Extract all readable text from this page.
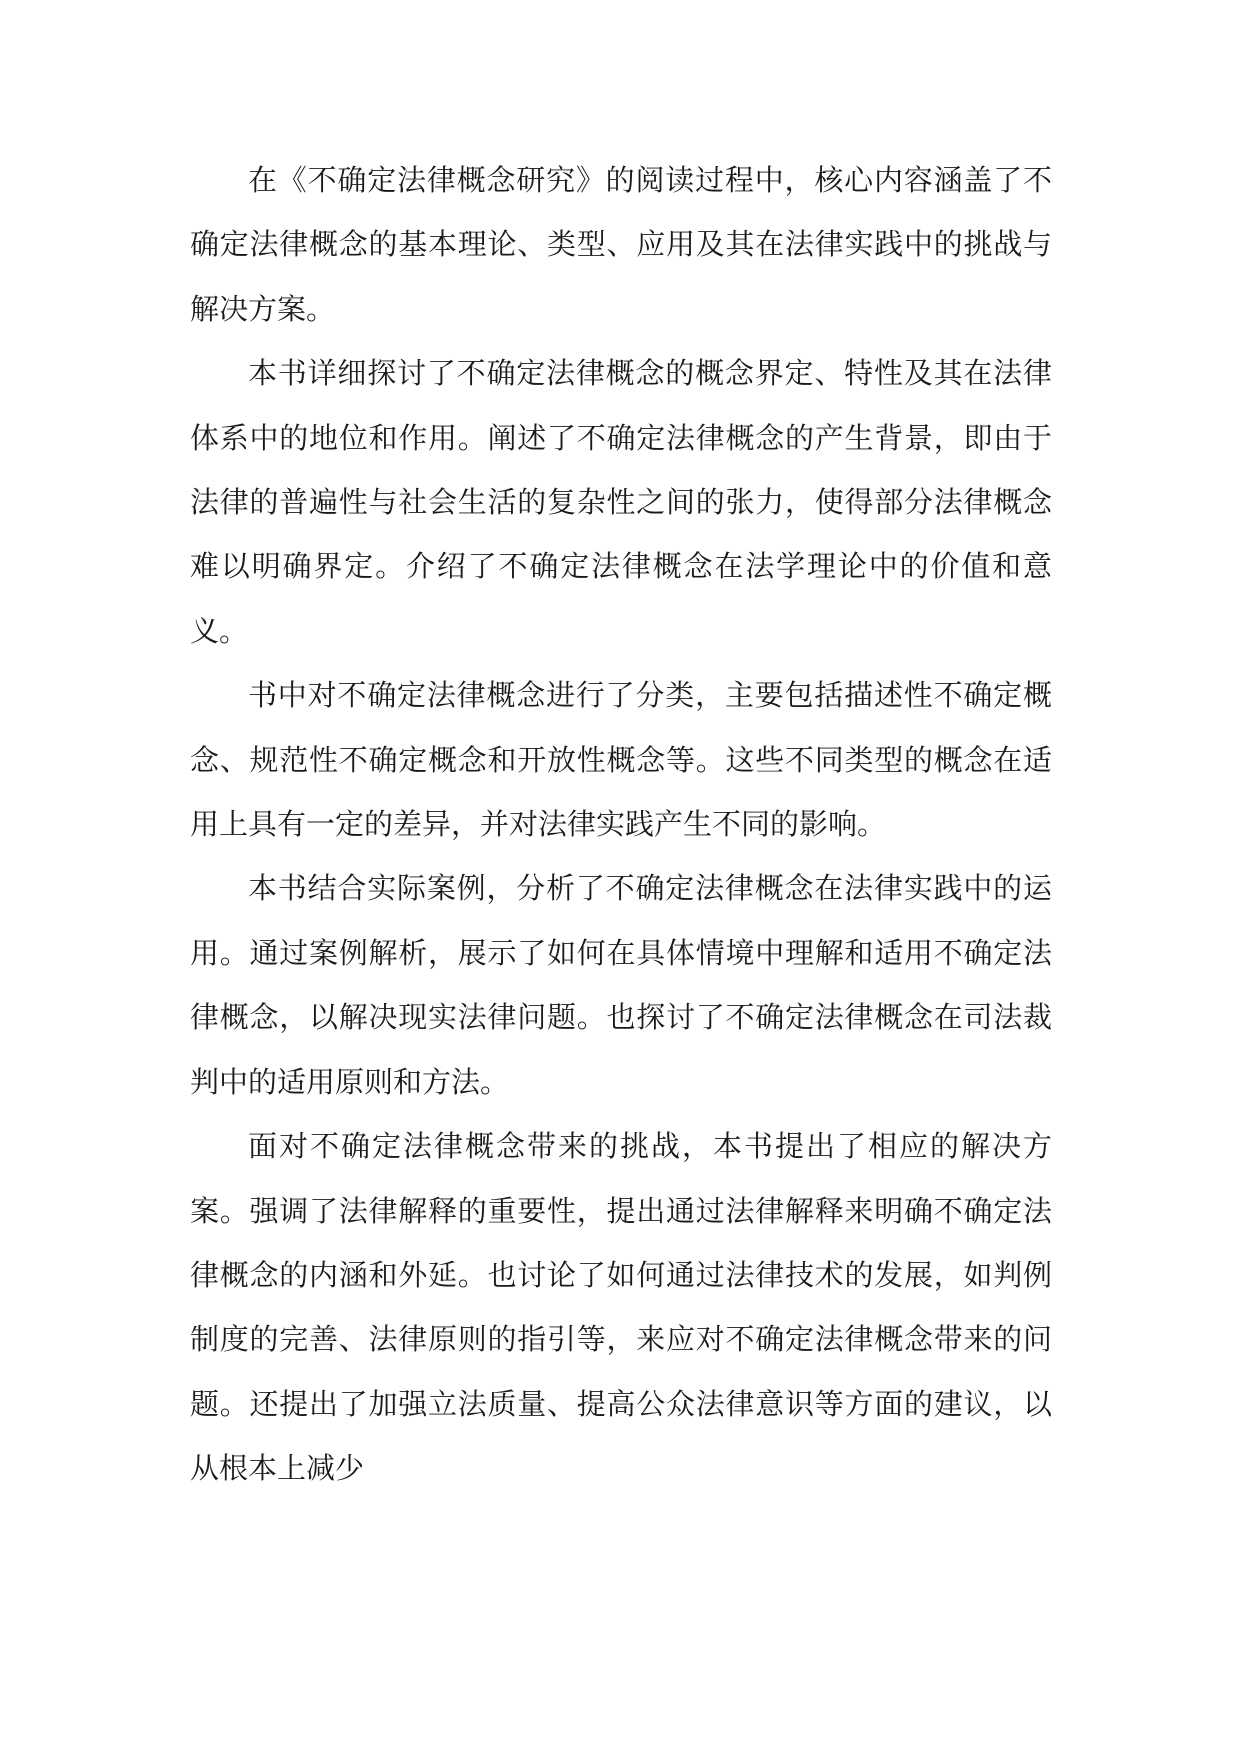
在《不确定法律概念研究》的阅读过程中，核心内容涵盖了不确定法律概念的基本理论、类型、应用及其在法律实践中的挑战与解决方案。

本书详细探讨了不确定法律概念的概念界定、特性及其在法律体系中的地位和作用。阐述了不确定法律概念的产生背景，即由于法律的普遍性与社会生活的复杂性之间的张力，使得部分法律概念难以明确界定。介绍了不确定法律概念在法学理论中的价值和意义。

书中对不确定法律概念进行了分类，主要包括描述性不确定概念、规范性不确定概念和开放性概念等。这些不同类型的概念在适用上具有一定的差异，并对法律实践产生不同的影响。

本书结合实际案例，分析了不确定法律概念在法律实践中的运用。通过案例解析，展示了如何在具体情境中理解和适用不确定法律概念，以解决现实法律问题。也探讨了不确定法律概念在司法裁判中的适用原则和方法。

面对不确定法律概念带来的挑战，本书提出了相应的解决方案。强调了法律解释的重要性，提出通过法律解释来明确不确定法律概念的内涵和外延。也讨论了如何通过法律技术的发展，如判例制度的完善、法律原则的指引等，来应对不确定法律概念带来的问题。还提出了加强立法质量、提高公众法律意识等方面的建议，以从根本上减少
